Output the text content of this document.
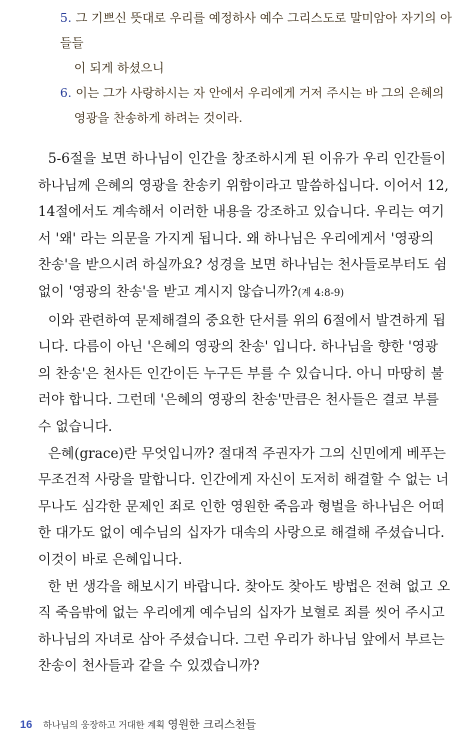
5. 그 기쁘신 뜻대로 우리를 예정하사 예수 그리스도로 말미암아 자기의 아들들
이 되게 하셨으니
6. 이는 그가 사랑하시는 자 안에서 우리에게 거저 주시는 바 그의 은혜의
영광을 찬송하게 하려는 것이라.

5-6절을 보면 하나님이 인간을 창조하시게 된 이유가 우리 인간들이 하나님께 은혜의 영광을 찬송키 위함이라고 말씀하십니다. 이어서 12, 14절에서도 계속해서 이러한 내용을 강조하고 있습니다. 우리는 여기서 '왜' 라는 의문을 가지게 됩니다. 왜 하나님은 우리에게서 '영광의 찬송'을 받으시려 하실까요? 성경을 보면 하나님는 천사들로부터도 쉼 없이 '영광의 찬송'을 받고 계시지 않습니까?(계 4:8-9)

이와 관련하여 문제해결의 중요한 단서를 위의 6절에서 발견하게 됩니다. 다름이 아닌 '은혜의 영광의 찬송' 입니다. 하나님을 향한 '영광의 찬송'은 천사든 인간이든 누구든 부를 수 있습니다. 아니 마땅히 불러야 합니다. 그런데 '은혜의 영광의 찬송'만큼은 천사들은 결코 부를 수 없습니다.

은혜(grace)란 무엇입니까? 절대적 주권자가 그의 신민에게 베푸는 무조건적 사랑을 말합니다. 인간에게 자신이 도저히 해결할 수 없는 너무나도 심각한 문제인 죄로 인한 영원한 죽음과 형벌을 하나님은 어떠한 대가도 없이 예수님의 십자가 대속의 사랑으로 해결해 주셨습니다. 이것이 바로 은혜입니다.

한 번 생각을 해보시기 바랍니다. 찾아도 찾아도 방법은 전혀 없고 오직 죽음밖에 없는 우리에게 예수님의 십자가 보혈로 죄를 씻어 주시고 하나님의 자녀로 삼아 주셨습니다. 그런 우리가 하나님 앞에서 부르는 찬송이 천사들과 같을 수 있겠습니까?

16 하나님의 웅장하고 거대한 계획 영원한 크리스천들
